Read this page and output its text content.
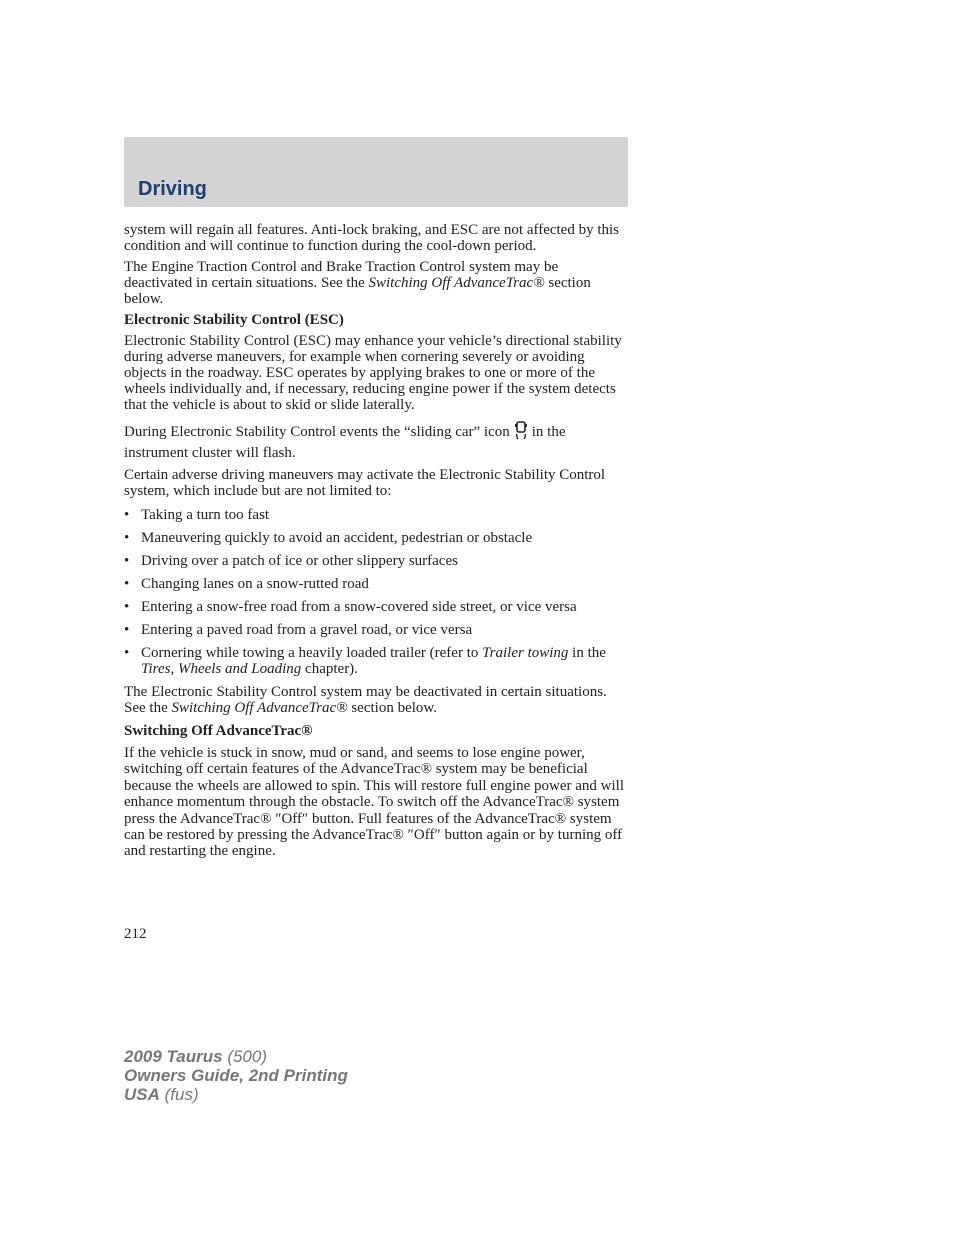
Driving

system will regain all features. Anti-lock braking, and ESC are not affected by this condition and will continue to function during the cool-down period.

The Engine Traction Control and Brake Traction Control system may be deactivated in certain situations. See the Switching Off AdvanceTrac® section below.

Electronic Stability Control (ESC)

Electronic Stability Control (ESC) may enhance your vehicle’s directional stability during adverse maneuvers, for example when cornering severely or avoiding objects in the roadway. ESC operates by applying brakes to one or more of the wheels individually and, if necessary, reducing engine power if the system detects that the vehicle is about to skid or slide laterally.

During Electronic Stability Control events the “sliding car” icon in the instrument cluster will flash.

Certain adverse driving maneuvers may activate the Electronic Stability Control system, which include but are not limited to:

• Taking a turn too fast
• Maneuvering quickly to avoid an accident, pedestrian or obstacle
• Driving over a patch of ice or other slippery surfaces
• Changing lanes on a snow-rutted road
• Entering a snow-free road from a snow-covered side street, or vice versa
• Entering a paved road from a gravel road, or vice versa
• Cornering while towing a heavily loaded trailer (refer to Trailer towing in the Tires, Wheels and Loading chapter).

The Electronic Stability Control system may be deactivated in certain situations. See the Switching Off AdvanceTrac® section below.

Switching Off AdvanceTrac®

If the vehicle is stuck in snow, mud or sand, and seems to lose engine power, switching off certain features of the AdvanceTrac® system may be beneficial because the wheels are allowed to spin. This will restore full engine power and will enhance momentum through the obstacle. To switch off the AdvanceTrac® system press the AdvanceTrac® ″Off″ button. Full features of the AdvanceTrac® system can be restored by pressing the AdvanceTrac® ″Off″ button again or by turning off and restarting the engine.

212
2009 Taurus (500)
Owners Guide, 2nd Printing
USA (fus)
